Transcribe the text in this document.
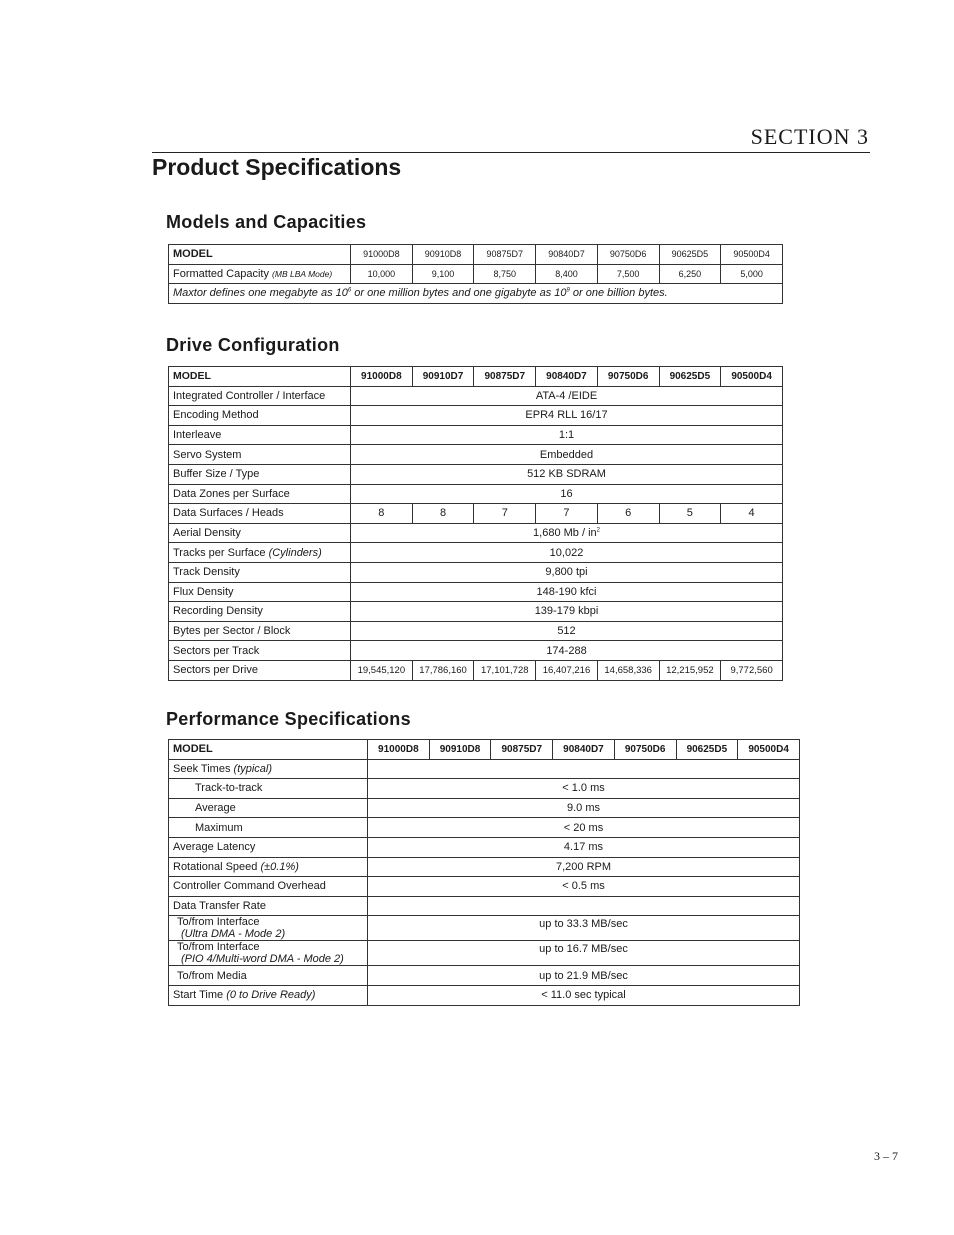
SECTION 3
Product Specifications
Models and Capacities
MODEL	91000D8	90910D8	90875D7	90840D7	90750D6	90625D5	90500D4
Formatted Capacity (MB LBA Mode)	10,000	9,100	8,750	8,400	7,500	6,250	5,000
Maxtor defines one megabyte as $10^6$ or one million bytes and one gigabyte as $10^9$ or one billion bytes.							
Drive Configuration
MODEL	91000D8	90910D7	90875D7	90840D7	90750D6	90625D5	90500D4
Integrated Controller / Interface	ATA-4 /EIDE						
Encoding Method	EPR4 RLL 16/17						
Interleave	1:1						
Servo System	Embedded						
Buffer Size / Type	512 KB SDRAM						
Data Zones per Surface	16						
Data Surfaces / Heads	8	8	7	7	6	5	4
Aerial Density	1,680 Mb / $in^2$
Tracks per Surface (Cylinders)	10,022						
Track Density	9,800 tpi						
Flux Density	148-190 kfci						
Recording Density	139-179 kbpi						
Bytes per Sector / Block	512						
Sectors per Track	174-288						
Sectors per Drive	19,545,120	17,786,160	17,101,728	16,407,216	14,658,336	12,215,952	9,772,560
Performance Specifications
MODEL	91000D8	90910D8	90875D7	90840D7	90750D6	90625D5	90500D4
Seek Times (typical)							
Track-to-track	< 1.0 ms						
Average	9.0 ms						
Maximum	< 20 ms						
Average Latency	4.17 ms						
Rotational Speed (±0.1%)	7,200 RPM						
Controller Command Overhead	< 0.5 ms						
Data Transfer Rate							
To/from Interface
(Ultra DMA - Mode 2)	up to 33.3 MB/sec						
To/from Interface
(PIO 4/Multi-word DMA - Mode 2)	up to 16.7 MB/sec						
To/from Media	up to 21.9 MB/sec						
Start Time (0 to Drive Ready)	< 11.0 sec typical						
3 – 7
